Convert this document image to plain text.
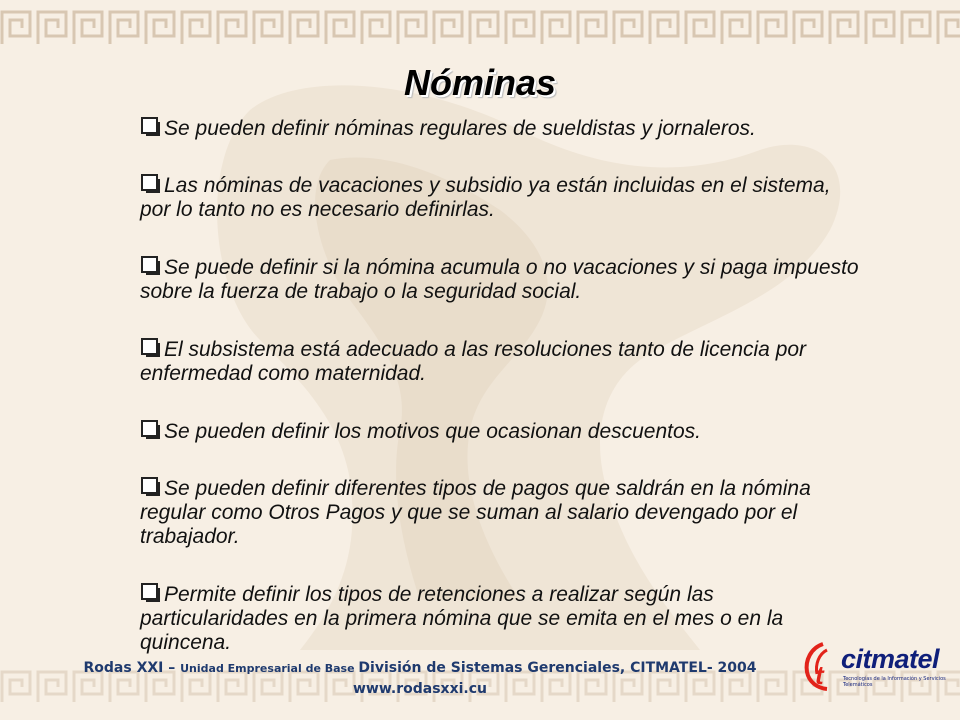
Nóminas
Se pueden definir nóminas regulares de sueldistas y jornaleros.
Las nóminas de vacaciones y subsidio ya están incluidas en el sistema, por lo tanto no es necesario definirlas.
Se puede definir si la nómina acumula o no vacaciones y si paga impuesto sobre la fuerza de trabajo o la seguridad social.
El subsistema está adecuado a las resoluciones tanto de licencia por enfermedad como maternidad.
Se pueden definir los motivos que ocasionan descuentos.
Se pueden definir diferentes tipos de pagos que saldrán en la nómina regular como Otros Pagos y que se suman al salario devengado por el trabajador.
Permite definir los tipos de retenciones a realizar según las particularidades en la primera nómina que se emita en el mes o en la quincena.
Rodas XXI – Unidad Empresarial de Base División de Sistemas Gerenciales, CITMATEL- 2004 www.rodasxxi.cu	t
citmatel
Tecnologías de la Información y Servicios Telemáticos
